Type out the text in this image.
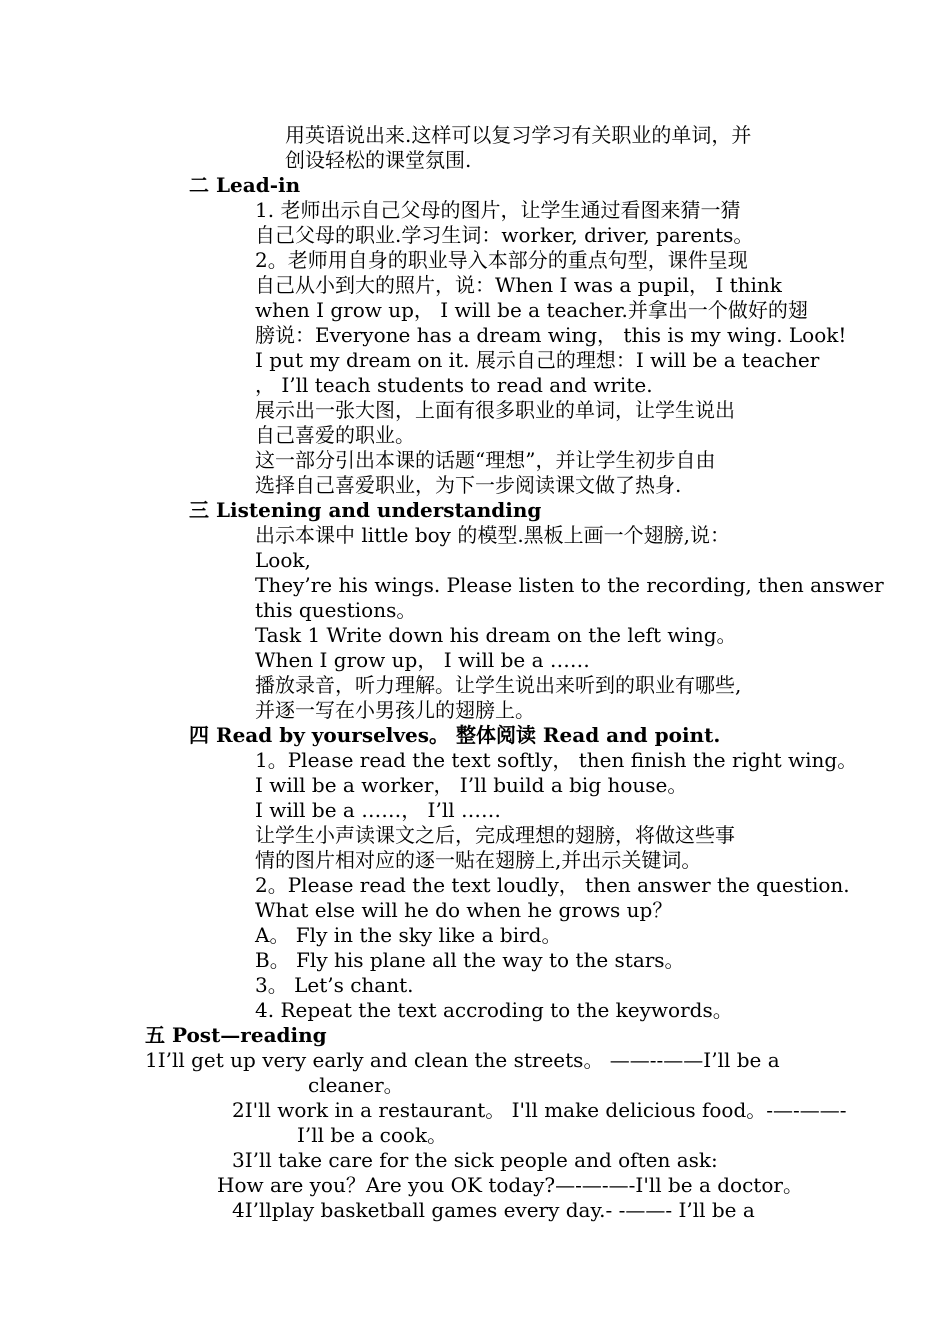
用英语说出来.这样可以复习学习有关职业的单词，并
创设轻松的课堂氛围.
二 Lead-in
1. 老师出示自己父母的图片，让学生通过看图来猜一猜
自己父母的职业.学习生词：worker, driver, parents。
2。老师用自身的职业导入本部分的重点句型，课件呈现
自己从小到大的照片，说：When I was a pupil， I think
when I grow up， I will be a teacher.并拿出一个做好的翅
膀说：Everyone has a dream wing， this is my wing. Look!
I put my dream on it. 展示自己的理想：I will be a teacher
， I’ll teach students to read and write.
展示出一张大图，上面有很多职业的单词，让学生说出
自己喜爱的职业。
这一部分引出本课的话题“理想”，并让学生初步自由
选择自己喜爱职业，为下一步阅读课文做了热身.
三 Listening and understanding
出示本课中 little boy 的模型.黑板上画一个翅膀,说：
Look,
They’re his wings. Please listen to the recording, then answer
this questions。
Task 1 Write down his dream on the left wing。
When I grow up， I will be a ……
播放录音，听力理解。让学生说出来听到的职业有哪些,
并逐一写在小男孩儿的翅膀上。
四 Read by yourselves。 整体阅读 Read and point.
1。Please read the text softly， then finish the right wing。
I will be a worker， I’ll build a big house。
I will be a ……， I’ll ……
让学生小声读课文之后，完成理想的翅膀，将做这些事
情的图片相对应的逐一贴在翅膀上,并出示关键词。
2。Please read the text loudly， then answer the question.
What else will he do when he grows up？
A。 Fly in the sky like a bird。
B。 Fly his plane all the way to the stars。
3。 Let’s chant.
4. Repeat the text accroding to the keywords。
五 Post—reading
1I’ll get up very early and clean the streets。 ——--——I’ll be a
cleaner。
2I'll work in a restaurant。 I'll make delicious food。-—-——-
I’ll be a cook。
3I’ll take care for the sick people and often ask:
How are you？Are you OK today?—-—-—-I'll be a doctor。
4I’llplay basketball games every day.- -——- I’ll be a
